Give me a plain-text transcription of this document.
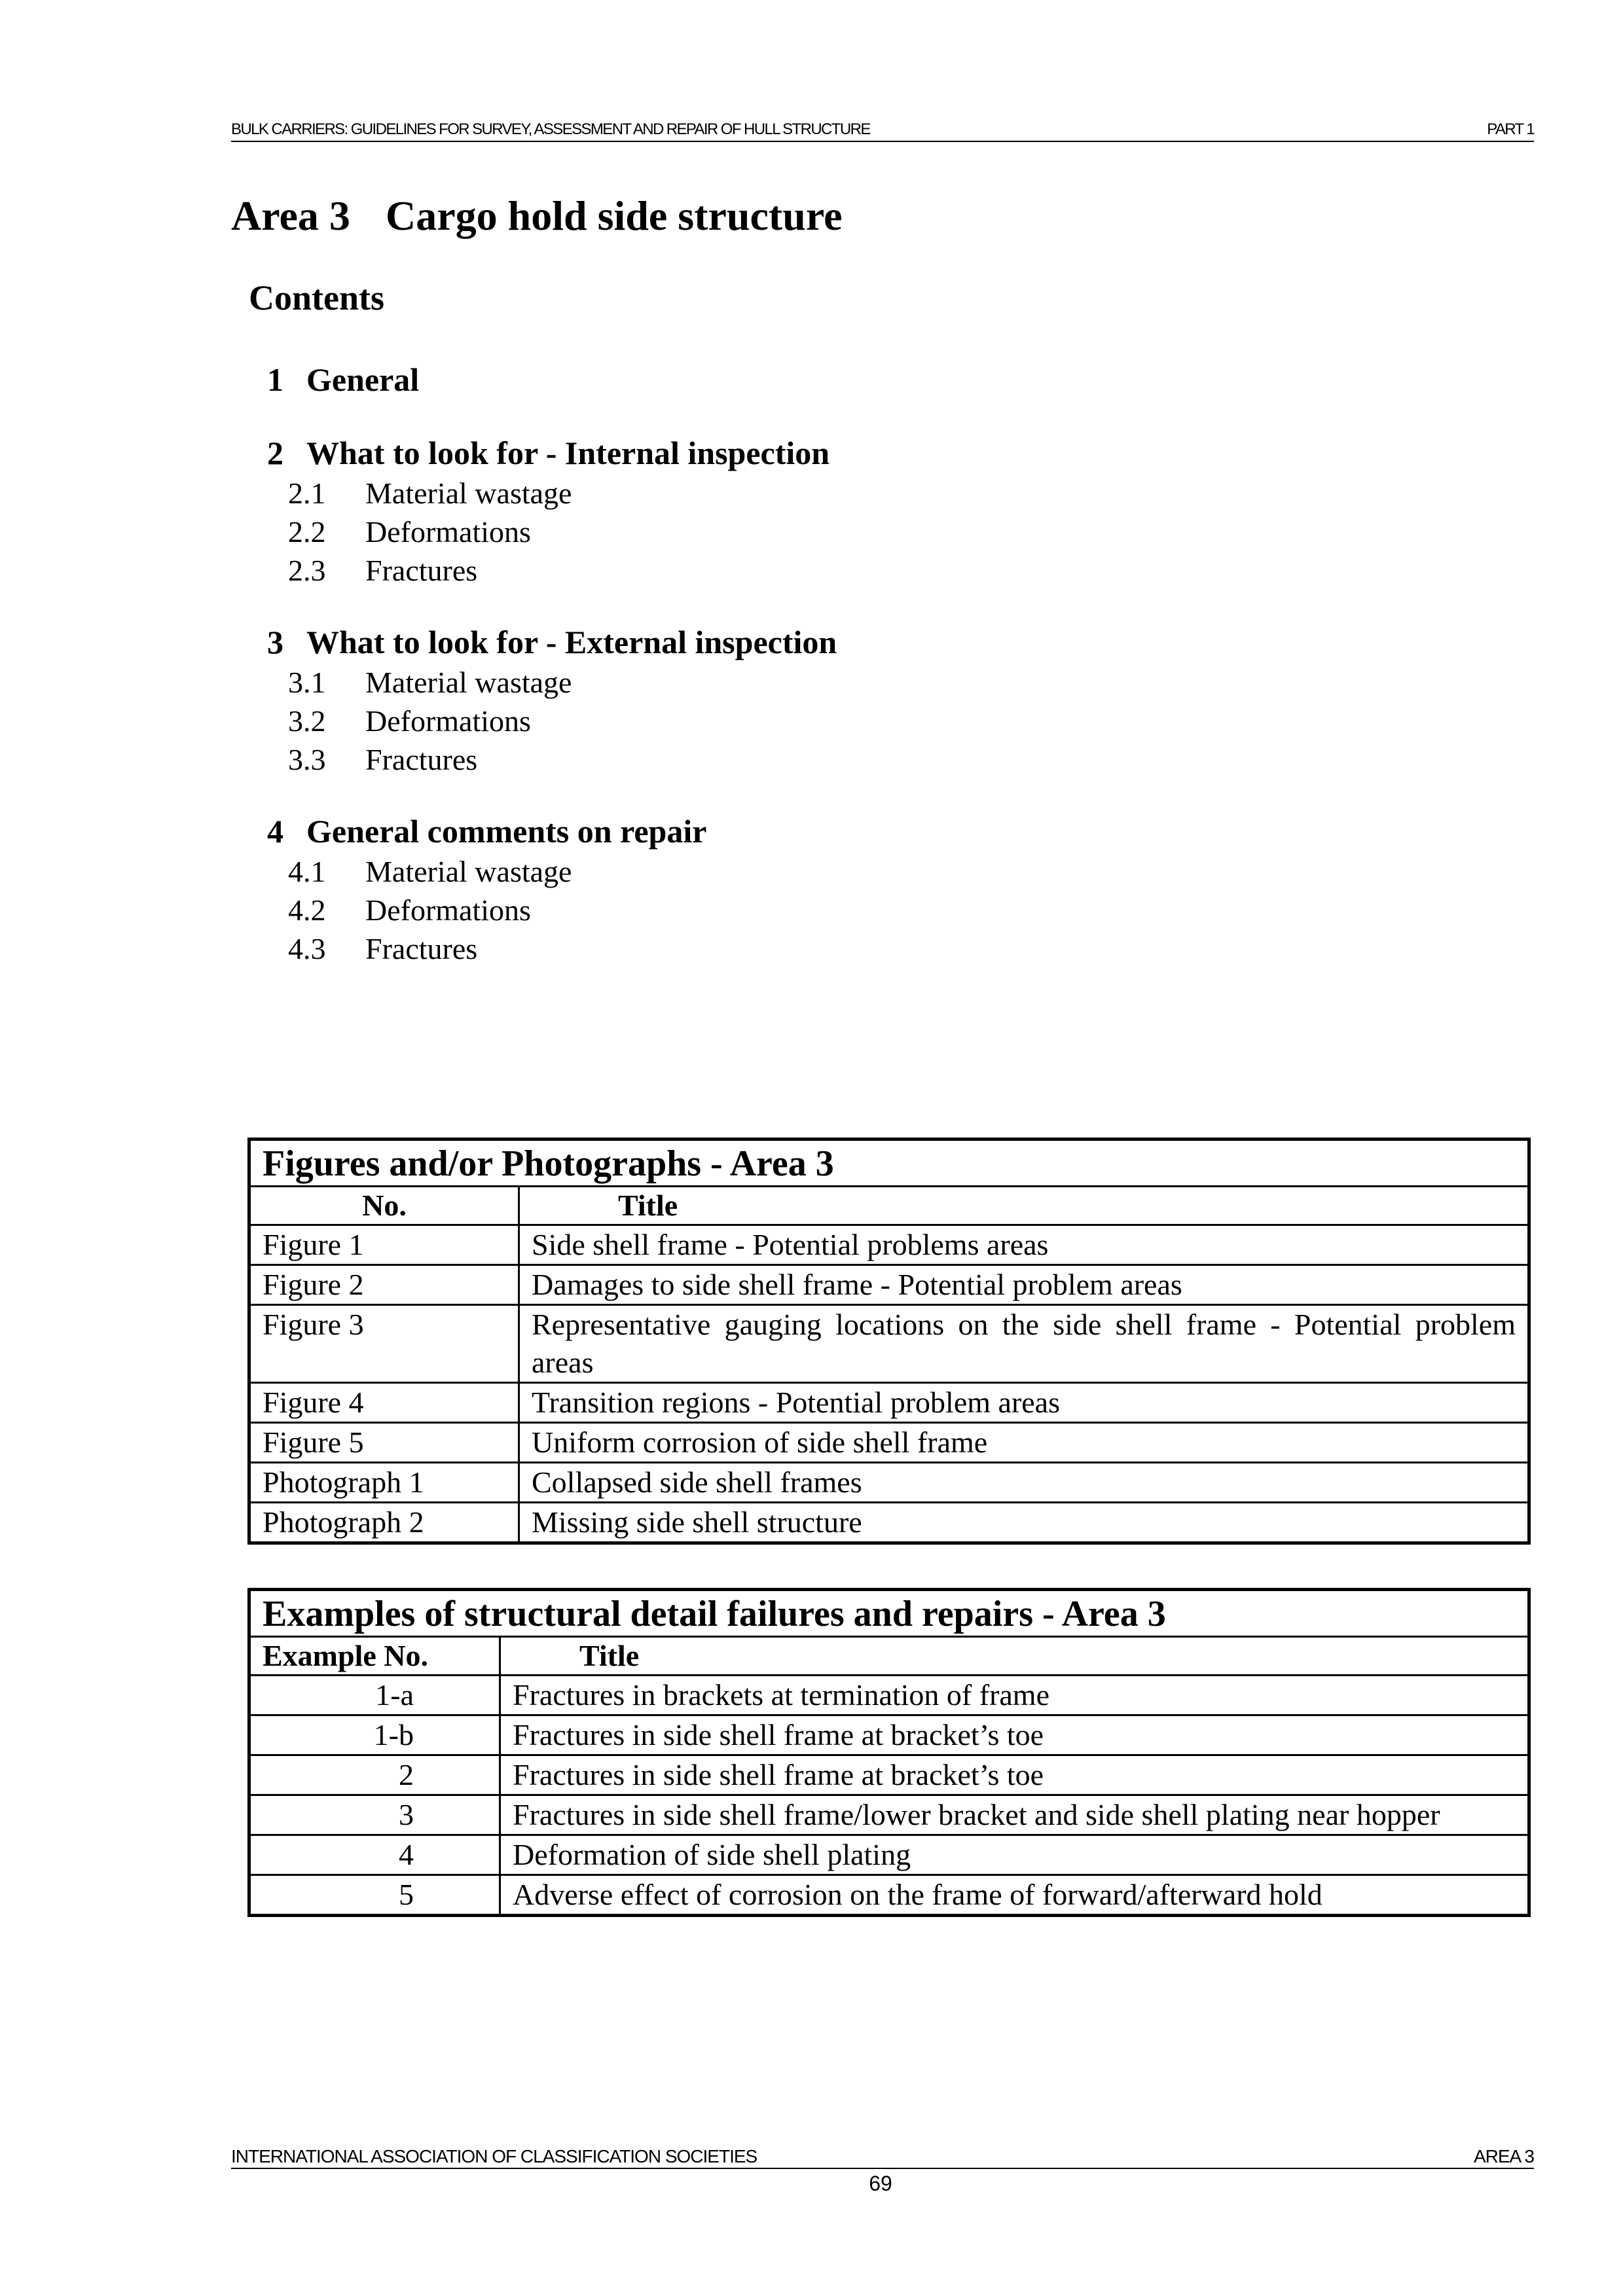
BULK CARRIERS: GUIDELINES FOR SURVEY, ASSESSMENT AND REPAIR OF HULL STRUCTURE	PART 1
Area 3 Cargo hold side structure
Contents
1 General
2 What to look for - Internal inspection
2.1 Material wastage
2.2 Deformations
2.3 Fractures
3 What to look for - External inspection
3.1 Material wastage
3.2 Deformations
3.3 Fractures
4 General comments on repair
4.1 Material wastage
4.2 Deformations
4.3 Fractures
Figures and/or Photographs - Area 3	
No.	Title
Figure 1	Side shell frame - Potential problems areas
Figure 2	Damages to side shell frame - Potential problem areas
Figure 3	Representative gauging locations on the side shell frame - Potential problem areas
Figure 4	Transition regions - Potential problem areas
Figure 5	Uniform corrosion of side shell frame
Photograph 1	Collapsed side shell frames
Photograph 2	Missing side shell structure
Examples of structural detail failures and repairs - Area 3	
Example No.	Title
1-a	Fractures in brackets at termination of frame
1-b	Fractures in side shell frame at bracket’s toe
2	Fractures in side shell frame at bracket’s toe
3	Fractures in side shell frame/lower bracket and side shell plating near hopper
4	Deformation of side shell plating
5	Adverse effect of corrosion on the frame of forward/afterward hold
INTERNATIONAL ASSOCIATION OF CLASSIFICATION SOCIETIES	AREA 3
69
